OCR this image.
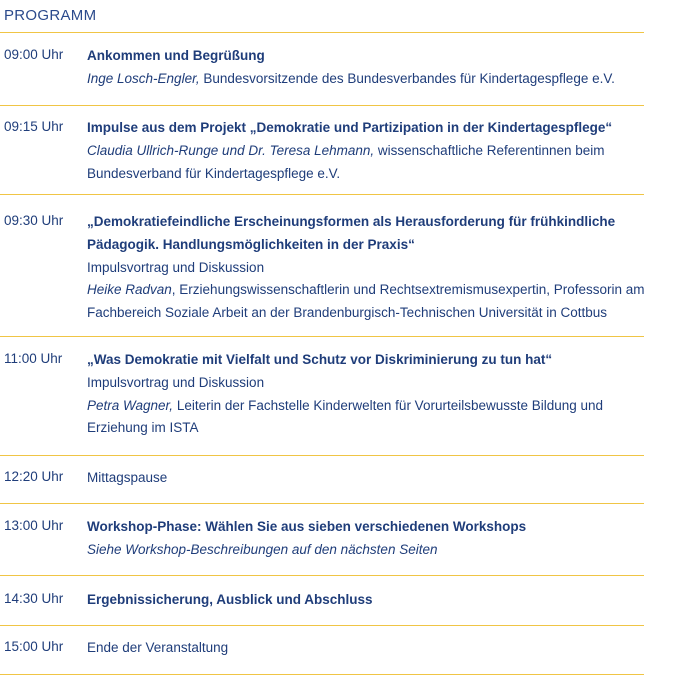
PROGRAMM
09:00 Uhr Ankommen und Begrüßung
Inge Losch-Engler, Bundesvorsitzende des Bundesverbandes für Kindertagespflege e.V.
09:15 Uhr Impulse aus dem Projekt „Demokratie und Partizipation in der Kindertagespflege“
Claudia Ullrich-Runge und Dr. Teresa Lehmann, wissenschaftliche Referentinnen beim
Bundesverband für Kindertagespflege e.V.
09:30 Uhr „Demokratiefeindliche Erscheinungsformen als Herausforderung für frühkindliche
Pädagogik. Handlungsmöglichkeiten in der Praxis“
Impulsvortrag und Diskussion
Heike Radvan, Erziehungswissenschaftlerin und Rechtsextremismusexpertin, Professorin am
Fachbereich Soziale Arbeit an der Brandenburgisch-Technischen Universität in Cottbus
11:00 Uhr „Was Demokratie mit Vielfalt und Schutz vor Diskriminierung zu tun hat“
Impulsvortrag und Diskussion
Petra Wagner, Leiterin der Fachstelle Kinderwelten für Vorurteilsbewusste Bildung und
Erziehung im ISTA
12:20 Uhr Mittagspause
13:00 Uhr Workshop-Phase: Wählen Sie aus sieben verschiedenen Workshops
Siehe Workshop-Beschreibungen auf den nächsten Seiten
14:30 Uhr Ergebnissicherung, Ausblick und Abschluss
15:00 Uhr Ende der Veranstaltung
